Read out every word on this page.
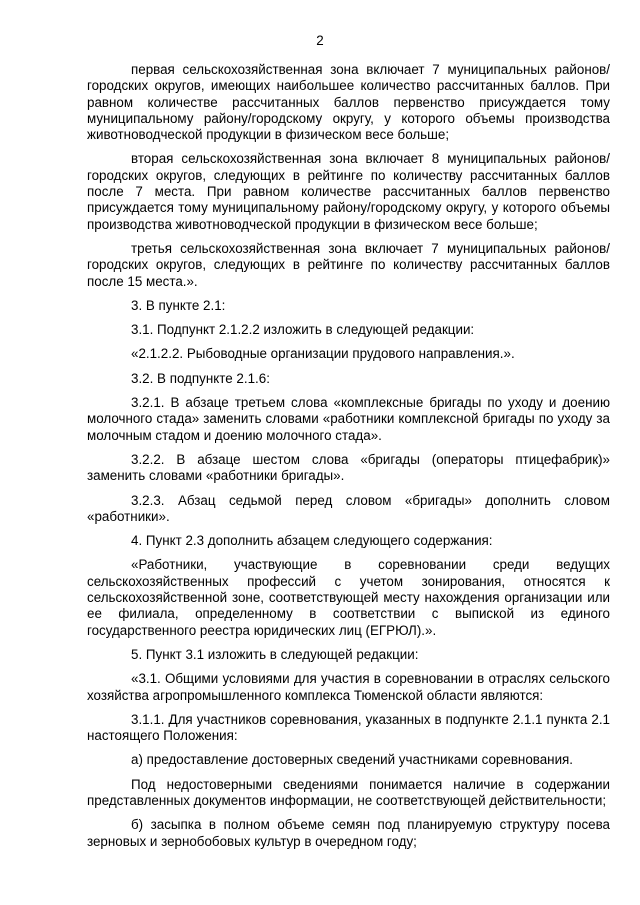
2

первая сельскохозяйственная зона включает 7 муниципальных районов/городских округов, имеющих наибольшее количество рассчитанных баллов. При равном количестве рассчитанных баллов первенство присуждается тому муниципальному району/городскому округу, у которого объемы производства животноводческой продукции в физическом весе больше;

вторая сельскохозяйственная зона включает 8 муниципальных районов/городских округов, следующих в рейтинге по количеству рассчитанных баллов после 7 места. При равном количестве рассчитанных баллов первенство присуждается тому муниципальному району/городскому округу, у которого объемы производства животноводческой продукции в физическом весе больше;

третья сельскохозяйственная зона включает 7 муниципальных районов/городских округов, следующих в рейтинге по количеству рассчитанных баллов после 15 места.».

3. В пункте 2.1:

3.1. Подпункт 2.1.2.2 изложить в следующей редакции:

«2.1.2.2. Рыбоводные организации прудового направления.».

3.2. В подпункте 2.1.6:

3.2.1. В абзаце третьем слова «комплексные бригады по уходу и доению молочного стада» заменить словами «работники комплексной бригады по уходу за молочным стадом и доению молочного стада».

3.2.2. В абзаце шестом слова «бригады (операторы птицефабрик)» заменить словами «работники бригады».

3.2.3. Абзац седьмой перед словом «бригады» дополнить словом «работники».

4. Пункт 2.3 дополнить абзацем следующего содержания:

«Работники, участвующие в соревновании среди ведущих сельскохозяйственных профессий с учетом зонирования, относятся к сельскохозяйственной зоне, соответствующей месту нахождения организации или ее филиала, определенному в соответствии с выпиской из единого государственного реестра юридических лиц (ЕГРЮЛ).».

5. Пункт 3.1 изложить в следующей редакции:

«3.1. Общими условиями для участия в соревновании в отраслях сельского хозяйства агропромышленного комплекса Тюменской области являются:

3.1.1. Для участников соревнования, указанных в подпункте 2.1.1 пункта 2.1 настоящего Положения:

а) предоставление достоверных сведений участниками соревнования.

Под недостоверными сведениями понимается наличие в содержании представленных документов информации, не соответствующей действительности;

б) засыпка в полном объеме семян под планируемую структуру посева зерновых и зернобобовых культур в очередном году;
